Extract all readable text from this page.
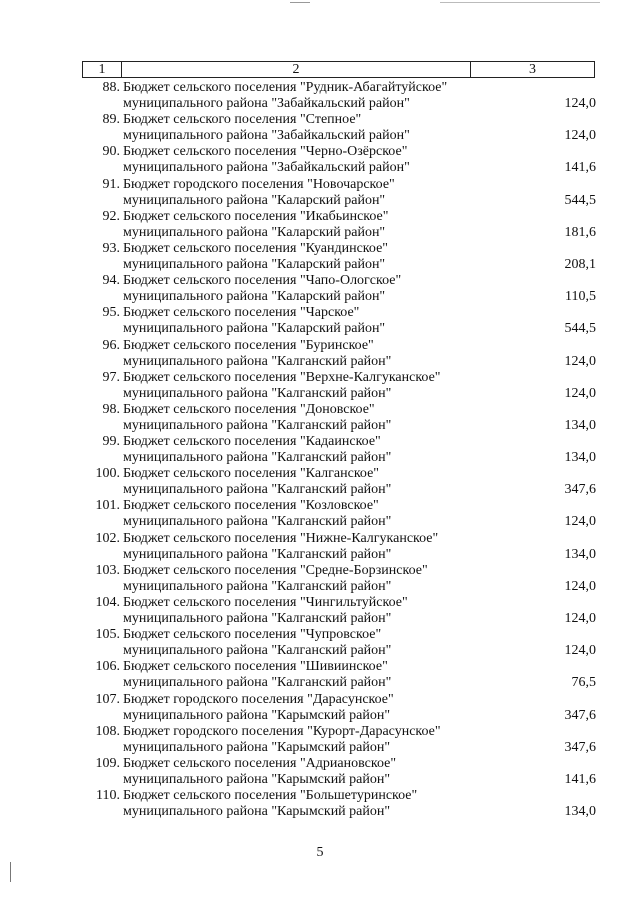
1	2	3
88. Бюджет сельского поселения "Рудник-Абагайтуйское"
муниципального района "Забайкальский район"	124,0
89. Бюджет сельского поселения "Степное"
муниципального района "Забайкальский район"	124,0
90. Бюджет сельского поселения "Черно-Озёрское"
муниципального района "Забайкальский район"	141,6
91. Бюджет городского поселения "Новочарское"
муниципального района "Каларский район"	544,5
92. Бюджет сельского поселения "Икабьинское"
муниципального района "Каларский район"	181,6
93. Бюджет сельского поселения "Куандинское"
муниципального района "Каларский район"	208,1
94. Бюджет сельского поселения "Чапо-Ологское"
муниципального района "Каларский район"	110,5
95. Бюджет сельского поселения "Чарское"
муниципального района "Каларский район"	544,5
96. Бюджет сельского поселения "Буринское"
муниципального района "Калганский район"	124,0
97. Бюджет сельского поселения "Верхне-Калгуканское"
муниципального района "Калганский район"	124,0
98. Бюджет сельского поселения "Доновское"
муниципального района "Калганский район"	134,0
99. Бюджет сельского поселения "Кадаинское"
муниципального района "Калганский район"	134,0
100. Бюджет сельского поселения "Калганское"
муниципального района "Калганский район"	347,6
101. Бюджет сельского поселения "Козловское"
муниципального района "Калганский район"	124,0
102. Бюджет сельского поселения "Нижне-Калгуканское"
муниципального района "Калганский район"	134,0
103. Бюджет сельского поселения "Средне-Борзинское"
муниципального района "Калганский район"	124,0
104. Бюджет сельского поселения "Чингильтуйское"
муниципального района "Калганский район"	124,0
105. Бюджет сельского поселения "Чупровское"
муниципального района "Калганский район"	124,0
106. Бюджет сельского поселения "Шивиинское"
муниципального района "Калганский район"	76,5
107. Бюджет городского поселения "Дарасунское"
муниципального района "Карымский район"	347,6
108. Бюджет городского поселения "Курорт-Дарасунское"
муниципального района "Карымский район"	347,6
109. Бюджет сельского поселения "Адриановское"
муниципального района "Карымский район"	141,6
110. Бюджет сельского поселения "Большетуринское"
муниципального района "Карымский район"	134,0
5
